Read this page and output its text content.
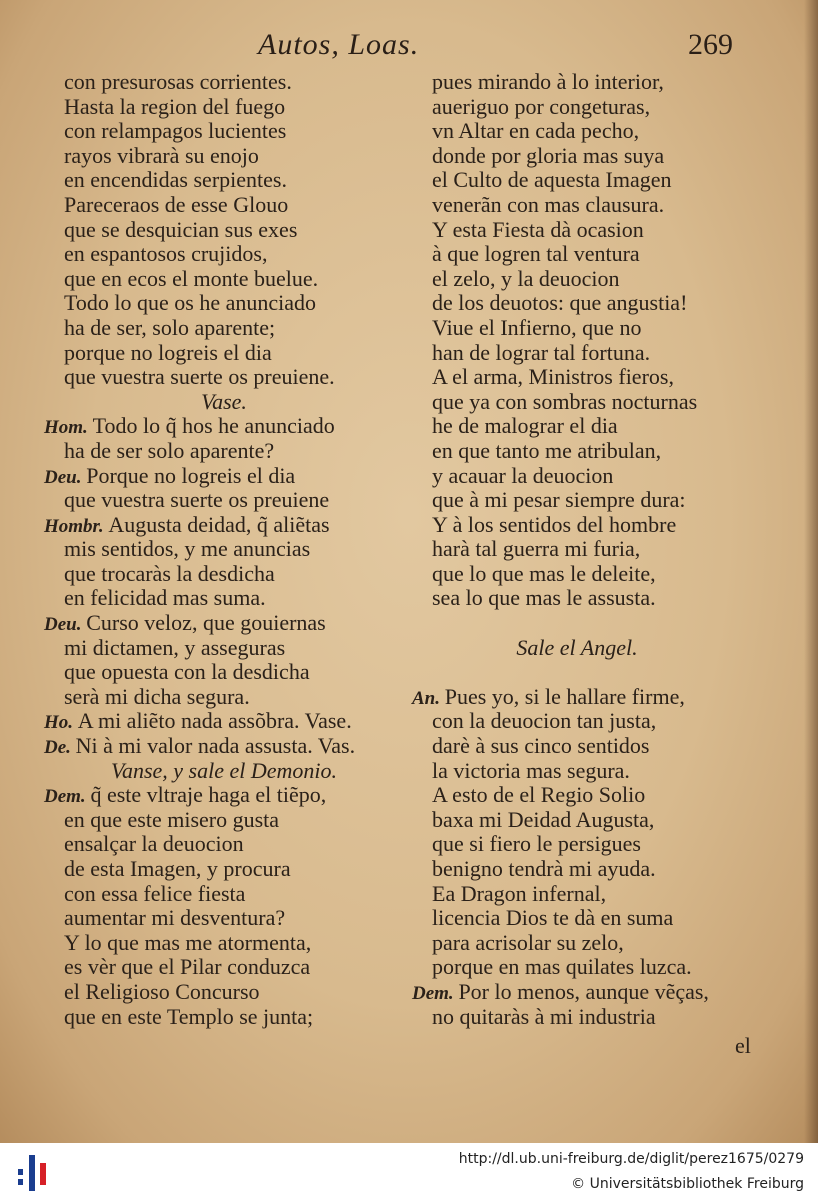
Autos, Loas.	269
con presurosas corrientes.
Hasta la region del fuego
con relampagos lucientes
rayos vibrarà su enojo
en encendidas serpientes.
Pareceraos de esse Glouo
que se desquician sus exes
en espantosos crujidos,
que en ecos el monte buelue.
Todo lo que os he anunciado
ha de ser, solo aparente;
porque no logreis el dia
que vuestra suerte os preuiene.
Vase.
Hom. Todo lo q̃ hos he anunciado
ha de ser solo aparente?
Deu. Porque no logreis el dia
que vuestra suerte os preuiene
Hombr. Augusta deidad, q̃ aliẽtas
mis sentidos, y me anuncias
que trocaràs la desdicha
en felicidad mas suma.
Deu. Curso veloz, que gouiernas
mi dictamen, y asseguras
que opuesta con la desdicha
serà mi dicha segura.
Ho. A mi aliẽto nada assõbra. Vase.
De. Ni à mi valor nada assusta. Vas.
Vanse, y sale el Demonio.
Dem. q̃ este vltraje haga el tiẽpo,
en que este misero gusta
ensalçar la deuocion
de esta Imagen, y procura
con essa felice fiesta
aumentar mi desventura?
Y lo que mas me atormenta,
es vèr que el Pilar conduzca
el Religioso Concurso
que en este Templo se junta;
pues mirando à lo interior,
aueriguo por congeturas,
vn Altar en cada pecho,
donde por gloria mas suya
el Culto de aquesta Imagen
venerãn con mas clausura.
Y esta Fiesta dà ocasion
à que logren tal ventura
el zelo, y la deuocion
de los deuotos: que angustia!
Viue el Infierno, que no
han de lograr tal fortuna.
A el arma, Ministros fieros,
que ya con sombras nocturnas
he de malograr el dia
en que tanto me atribulan,
y acauar la deuocion
que à mi pesar siempre dura:
Y à los sentidos del hombre
harà tal guerra mi furia,
que lo que mas le deleite,
sea lo que mas le assusta.
Sale el Angel.
An. Pues yo, si le hallare firme,
con la deuocion tan justa,
darè à sus cinco sentidos
la victoria mas segura.
A esto de el Regio Solio
baxa mi Deidad Augusta,
que si fiero le persigues
benigno tendrà mi ayuda.
Ea Dragon infernal,
licencia Dios te dà en suma
para acrisolar su zelo,
porque en mas quilates luzca.
Dem. Por lo menos, aunque vẽças,
no quitaràs à mi industria
el
http://dl.ub.uni-freiburg.de/diglit/perez1675/0279
© Universitätsbibliothek Freiburg
